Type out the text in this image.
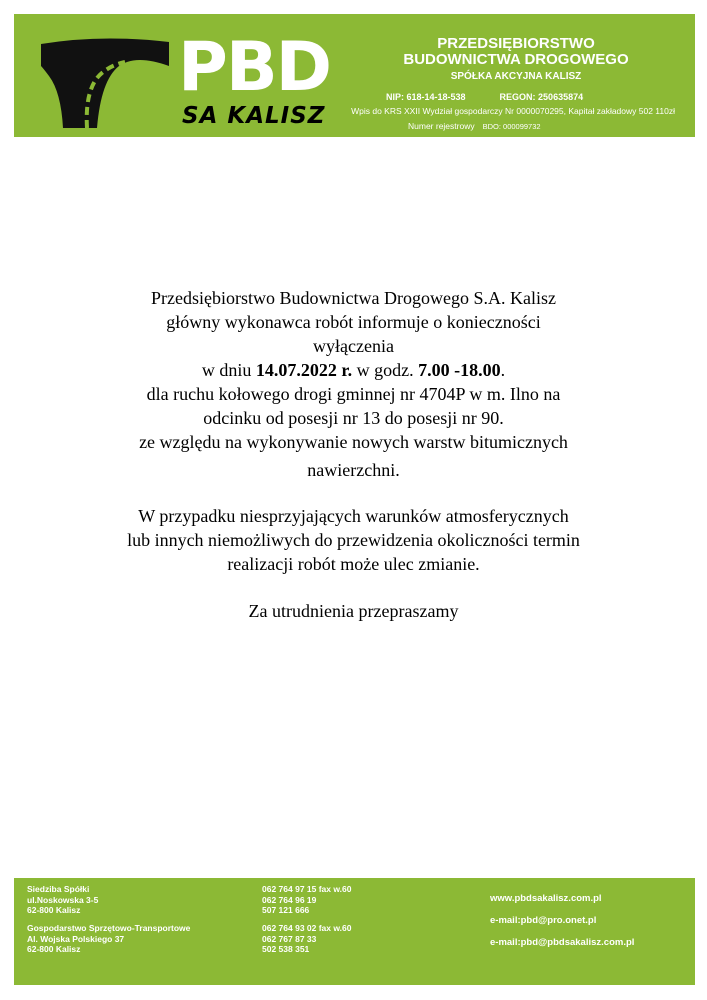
PBD
SA KALISZ
PRZEDSIĘBIORSTWO
BUDOWNICTWA DROGOWEGO
SPÓŁKA AKCYJNA KALISZ
NIP: 618-14-18-538	REGON: 250635874
Wpis do KRS XXII Wydział gospodarczy Nr 0000070295, Kapitał zakładowy 502 110zł
Numer rejestrowy BDO: 000099732

Przedsiębiorstwo Budownictwa Drogowego S.A. Kalisz

główny wykonawca robót informuje o konieczności

wyłączenia

w dniu 14.07.2022 r. w godz. 7.00 -18.00.

dla ruchu kołowego drogi gminnej nr 4704P w m. Ilno na

odcinku od posesji nr 13 do posesji nr 90.

ze względu na wykonywanie nowych warstw bitumicznych

nawierzchni.

W przypadku niesprzyjających warunków atmosferycznych

lub innych niemożliwych do przewidzenia okoliczności termin

realizacji robót może ulec zmianie.

Za utrudnienia przepraszamy

Siedziba Spółki
ul.Noskowska 3-5
62-800 Kalisz
062 764 97 15 fax w.60
062 764 96 19
507 121 666
Gospodarstwo Sprzętowo-Transportowe
Al. Wojska Polskiego 37
62-800 Kalisz
062 764 93 02 fax w.60
062 767 87 33
502 538 351
www.pbdsakalisz.com.pl
e-mail:pbd@pro.onet.pl
e-mail:pbd@pbdsakalisz.com.pl
